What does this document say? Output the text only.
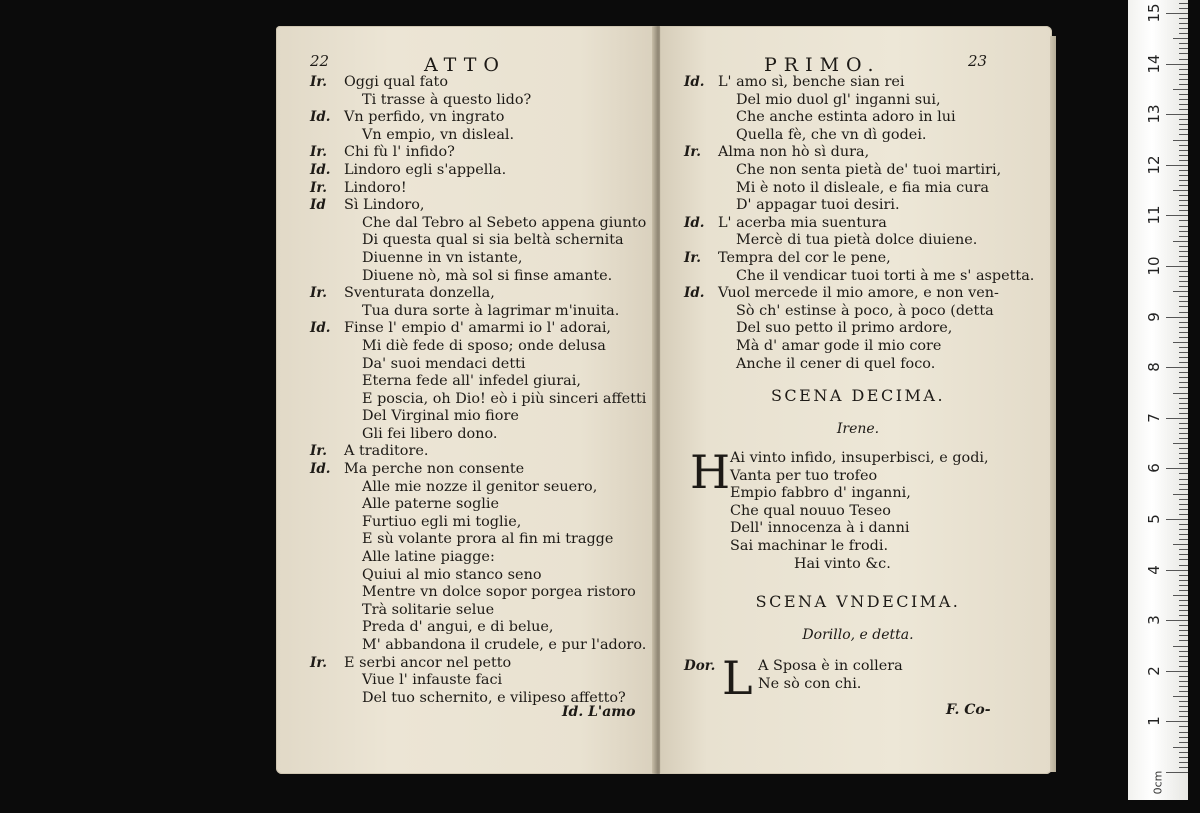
22	ATTO
Ir. Oggi qual fato
Ti trasse à questo lido?
Id. Vn perfido, vn ingrato
Vn empio, vn disleal.
Ir. Chi fù l' infido?
Id. Lindoro egli s'appella.
Ir. Lindoro!
Id Sì Lindoro,
Che dal Tebro al Sebeto appena giunto
Di questa qual si sia beltà schernita
Diuenne in vn istante,
Diuene nò, mà sol si finse amante.
Ir. Sventurata donzella,
Tua dura sorte à lagrimar m'inuita.
Id. Finse l' empio d' amarmi io l' adorai,
Mi diè fede di sposo; onde delusa
Da' suoi mendaci detti
Eterna fede all' infedel giurai,
E poscia, oh Dio! eò i più sinceri affetti
Del Virginal mio fiore
Gli fei libero dono.
Ir. A traditore.
Id. Ma perche non consente
Alle mie nozze il genitor seuero,
Alle paterne soglie
Furtiuo egli mi toglie,
E sù volante prora al fin mi tragge
Alle latine piagge:
Quiui al mio stanco seno
Mentre vn dolce sopor porgea ristoro
Trà solitarie selue
Preda d' angui, e di belue,
M' abbandona il crudele, e pur l'adoro.
Ir. E serbi ancor nel petto
Viue l' infauste faci
Del tuo schernito, e vilipeso affetto?
Id. L'amo
PRIMO.	23
Id. L' amo sì, benche sian rei
Del mio duol gl' inganni sui,
Che anche estinta adoro in lui
Quella fè, che vn dì godei.
Ir. Alma non hò sì dura,
Che non senta pietà de' tuoi martiri,
Mi è noto il disleale, e fia mia cura
D' appagar tuoi desiri.
Id. L' acerba mia suentura
Mercè di tua pietà dolce diuiene.
Ir. Tempra del cor le pene,
Che il vendicar tuoi torti à me s' aspetta.
Id. Vuol mercede il mio amore, e non ven-
Sò ch' estinse à poco, à poco (detta
Del suo petto il primo ardore,
Mà d' amar gode il mio core
Anche il cener di quel foco.
SCENA DECIMA.
Irene.
H Ai vinto infido, insuperbisci, e godi,
Vanta per tuo trofeo
Empio fabbro d' inganni,
Che qual nouuo Teseo
Dell' innocenza à i danni
Sai machinar le frodi.
Hai vinto &c.
SCENA VNDECIMA.
Dorillo, e detta.
Dor. L A Sposa è in collera
Ne sò con chi.
F. Co-
0cm
1
2
3
4
5
6
7
8
9
10
11
12
13
14
15
